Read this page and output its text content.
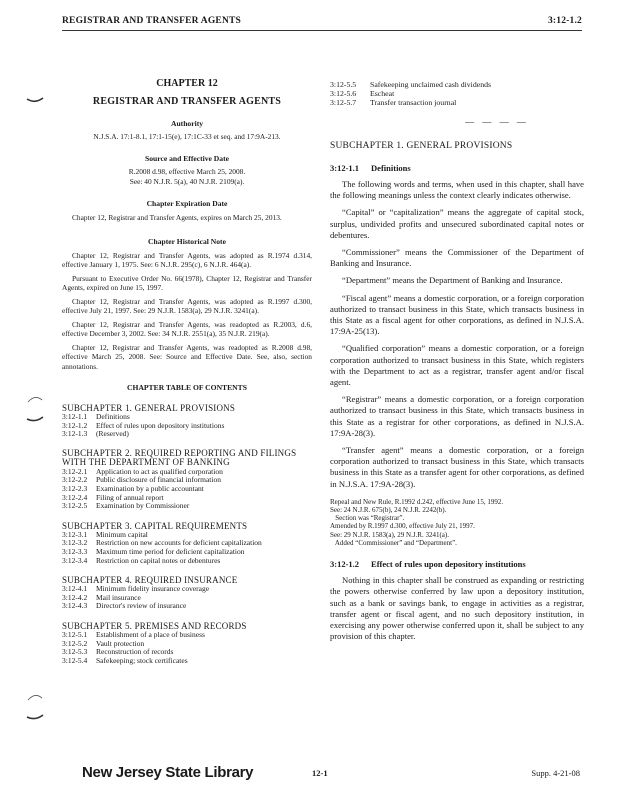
REGISTRAR AND TRANSFER AGENTS	3:12-1.2
CHAPTER 12
REGISTRAR AND TRANSFER AGENTS
Authority
N.J.S.A. 17:1-8.1, 17:1-15(e), 17:1C-33 et seq. and 17:9A-213.
Source and Effective Date
R.2008 d.98, effective March 25, 2008.
See: 40 N.J.R. 5(a), 40 N.J.R. 2109(a).
Chapter Expiration Date
Chapter 12, Registrar and Transfer Agents, expires on March 25, 2013.
Chapter Historical Note
Chapter 12, Registrar and Transfer Agents, was adopted as R.1974 d.314, effective January 1, 1975. See: 6 N.J.R. 295(c), 6 N.J.R. 464(a).
Pursuant to Executive Order No. 66(1978), Chapter 12, Registrar and Transfer Agents, expired on June 15, 1997.
Chapter 12, Registrar and Transfer Agents, was adopted as R.1997 d.300, effective July 21, 1997. See: 29 N.J.R. 1583(a), 29 N.J.R. 3241(a).
Chapter 12, Registrar and Transfer Agents, was readopted as R.2003, d.6, effective December 3, 2002. See: 34 N.J.R. 2551(a), 35 N.J.R. 219(a).
Chapter 12, Registrar and Transfer Agents, was readopted as R.2008 d.98, effective March 25, 2008. See: Source and Effective Date. See, also, section annotations.
CHAPTER TABLE OF CONTENTS
SUBCHAPTER 1. GENERAL PROVISIONS
3:12-1.1	Definitions
3:12-1.2	Effect of rules upon depository institutions
3:12-1.3	(Reserved)
SUBCHAPTER 2. REQUIRED REPORTING AND FILINGS WITH THE DEPARTMENT OF BANKING
3:12-2.1	Application to act as qualified corporation
3:12-2.2	Public disclosure of financial information
3:12-2.3	Examination by a public accountant
3:12-2.4	Filing of annual report
3:12-2.5	Examination by Commissioner
SUBCHAPTER 3. CAPITAL REQUIREMENTS
3:12-3.1	Minimum capital
3:12-3.2	Restriction on new accounts for deficient capitalization
3:12-3.3	Maximum time period for deficient capitalization
3:12-3.4	Restriction on capital notes or debentures
SUBCHAPTER 4. REQUIRED INSURANCE
3:12-4.1	Minimum fidelity insurance coverage
3:12-4.2	Mail insurance
3:12-4.3	Director's review of insurance
SUBCHAPTER 5. PREMISES AND RECORDS
3:12-5.1	Establishment of a place of business
3:12-5.2	Vault protection
3:12-5.3	Reconstruction of records
3:12-5.4	Safekeeping; stock certificates
3:12-5.5	Safekeeping unclaimed cash dividends
3:12-5.6	Escheat
3:12-5.7	Transfer transaction journal
— — — —
SUBCHAPTER 1. GENERAL PROVISIONS
3:12-1.1 Definitions
The following words and terms, when used in this chapter, shall have the following meanings unless the context clearly indicates otherwise.
“Capital” or “capitalization” means the aggregate of capital stock, surplus, undivided profits and unsecured subordinated capital notes or debentures.
“Commissioner” means the Commissioner of the Department of Banking and Insurance.
“Department” means the Department of Banking and Insurance.
“Fiscal agent” means a domestic corporation, or a foreign corporation authorized to transact business in this State, which transacts business in this State as a fiscal agent for other corporations, as defined in N.J.S.A. 17:9A-25(13).
“Qualified corporation” means a domestic corporation, or a foreign corporation authorized to transact business in this State, which registers with the Department to act as a registrar, transfer agent and/or fiscal agent.
“Registrar” means a domestic corporation, or a foreign corporation authorized to transact business in this State, which transacts business in this State as a registrar for other corporations, as defined in N.J.S.A. 17:9A-28(3).
“Transfer agent” means a domestic corporation, or a foreign corporation authorized to transact business in this State, which transacts business in this State as a transfer agent for other corporations, as defined in N.J.S.A. 17:9A-28(3).
Repeal and New Rule, R.1992 d.242, effective June 15, 1992.
See: 24 N.J.R. 675(b), 24 N.J.R. 2242(b).
Section was “Registrar”.
Amended by R.1997 d.300, effective July 21, 1997.
See: 29 N.J.R. 1583(a), 29 N.J.R. 3241(a).
Added “Commissioner” and “Department”.
3:12-1.2 Effect of rules upon depository institutions
Nothing in this chapter shall be construed as expanding or restricting the powers otherwise conferred by law upon a depository institution, such as a bank or savings bank, to engage in activities as a registrar, transfer agent or fiscal agent, and no such depository institution, in exercising any power otherwise conferred upon it, shall be subject to any provision of this chapter.
New Jersey State Library	12-1	Supp. 4-21-08
